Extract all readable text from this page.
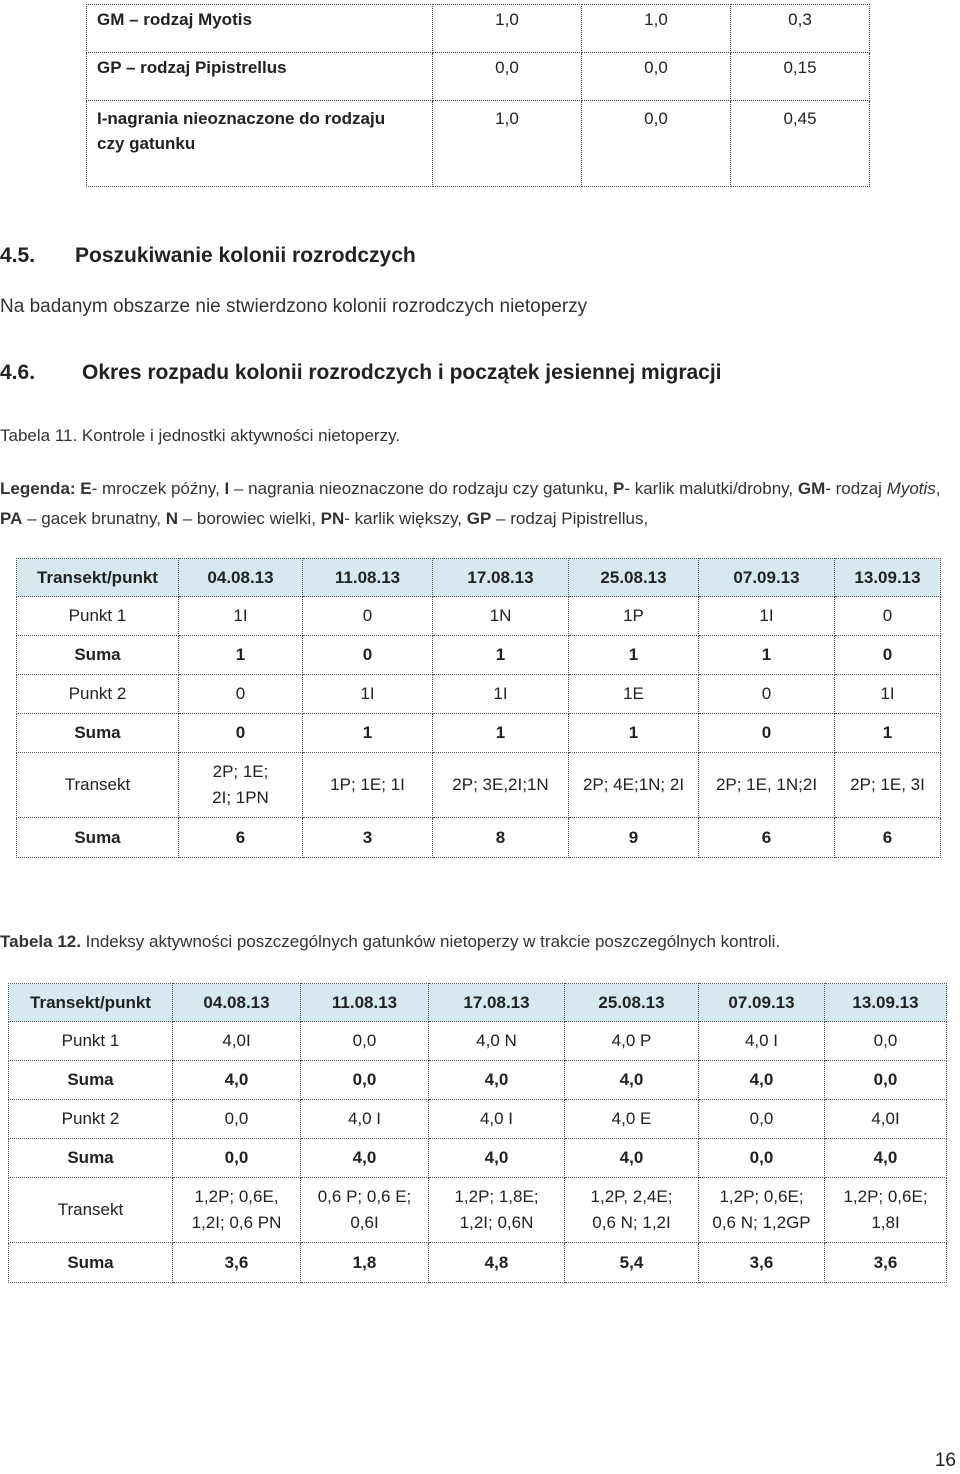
GM – rodzaj Myotis	1,0	1,0	0,3
GP – rodzaj Pipistrellus	0,0	0,0	0,15
I-nagrania nieoznaczone do rodzaju
czy gatunku	1,0	0,0	0,45
4.5. Poszukiwanie kolonii rozrodczych
Na badanym obszarze nie stwierdzono kolonii rozrodczych nietoperzy
4.6. Okres rozpadu kolonii rozrodczych i początek jesiennej migracji
Tabela 11. Kontrole i jednostki aktywności nietoperzy.
Legenda: E- mroczek późny, I – nagrania nieoznaczone do rodzaju czy gatunku, P- karlik malutki/drobny, GM- rodzaj Myotis, PA – gacek brunatny, N – borowiec wielki, PN- karlik większy, GP – rodzaj Pipistrellus,
Transekt/punkt	04.08.13	11.08.13	17.08.13	25.08.13	07.09.13	13.09.13
Punkt 1	1I	0	1N	1P	1I	0
Suma	1	0	1	1	1	0
Punkt 2	0	1I	1I	1E	0	1I
Suma	0	1	1	1	0	1
Transekt	2P; 1E;
2I; 1PN	1P; 1E; 1I	2P; 3E,2I;1N	2P; 4E;1N; 2I	2P; 1E, 1N;2I	2P; 1E, 3I
Suma	6	3	8	9	6	6
Tabela 12. Indeksy aktywności poszczególnych gatunków nietoperzy w trakcie poszczególnych kontroli.
Transekt/punkt	04.08.13	11.08.13	17.08.13	25.08.13	07.09.13	13.09.13
Punkt 1	4,0I	0,0	4,0 N	4,0 P	4,0 I	0,0
Suma	4,0	0,0	4,0	4,0	4,0	0,0
Punkt 2	0,0	4,0 I	4,0 I	4,0 E	0,0	4,0I
Suma	0,0	4,0	4,0	4,0	0,0	4,0
Transekt	1,2P; 0,6E,
1,2I; 0,6 PN	0,6 P; 0,6 E;
0,6I	1,2P; 1,8E;
1,2I; 0,6N	1,2P, 2,4E;
0,6 N; 1,2I	1,2P; 0,6E;
0,6 N; 1,2GP	1,2P; 0,6E;
1,8I
Suma	3,6	1,8	4,8	5,4	3,6	3,6
16
